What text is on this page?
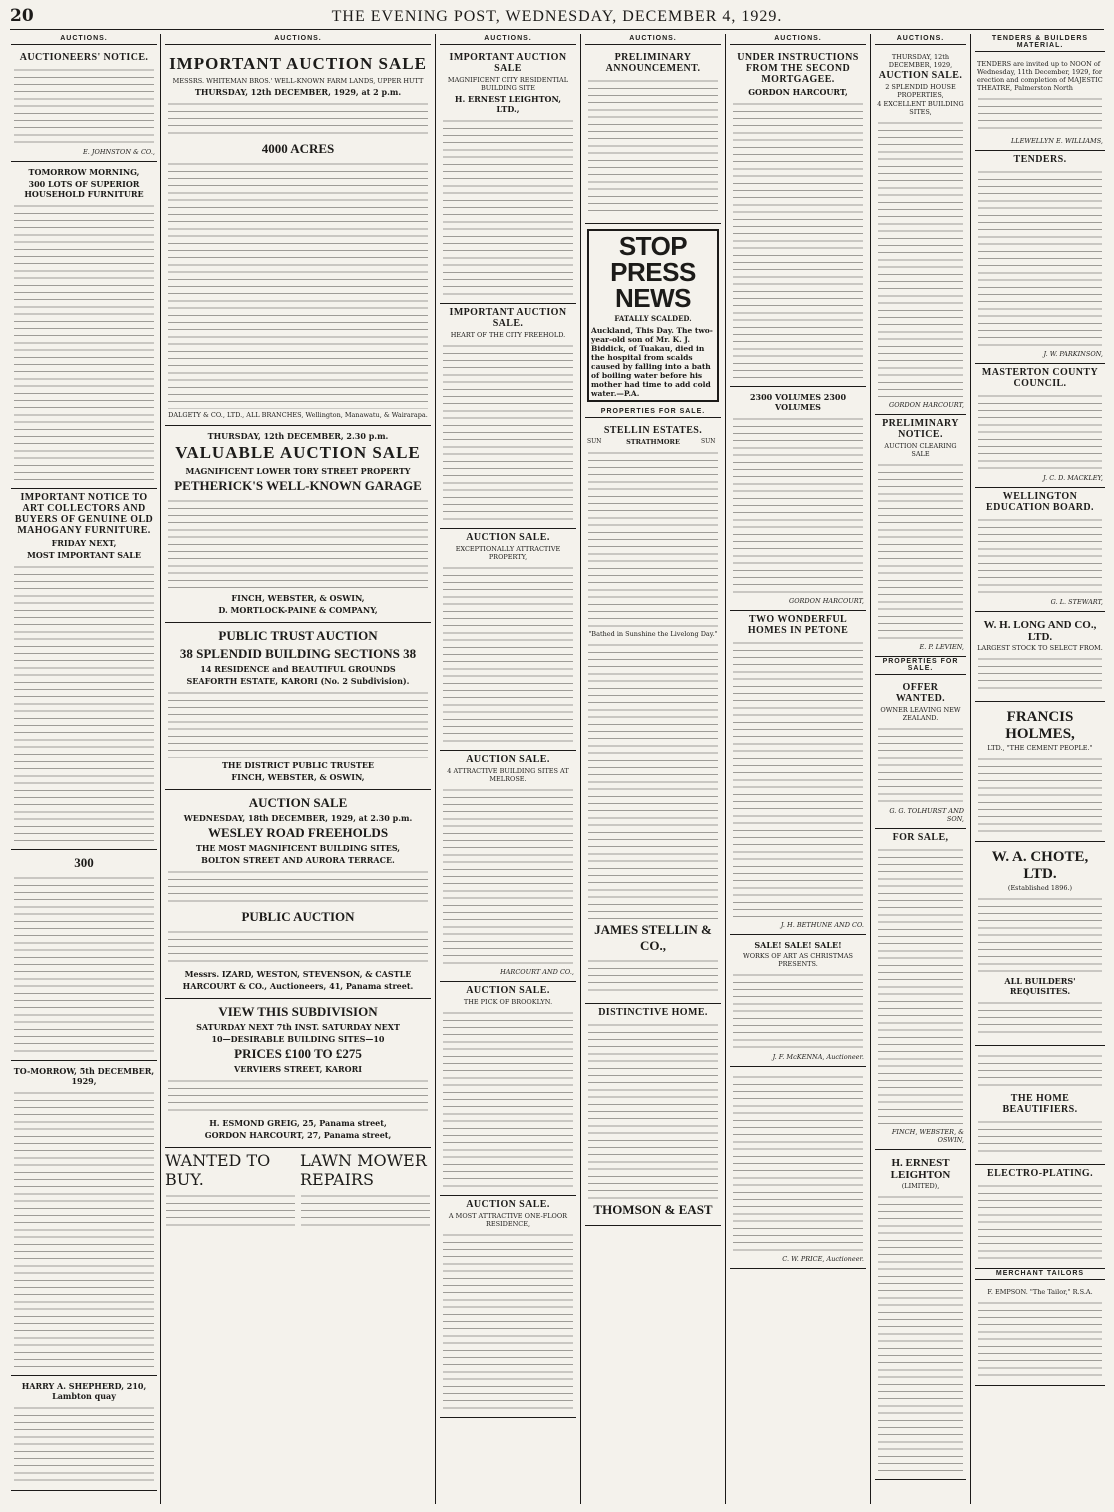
20	THE EVENING POST, WEDNESDAY, DECEMBER 4, 1929.
AUCTIONS.
AUCTIONEERS' NOTICE.
E. JOHNSTON & CO.,
TOMORROW MORNING,
300 LOTS OF SUPERIOR HOUSEHOLD FURNITURE
IMPORTANT NOTICE TO ART COLLECTORS AND BUYERS OF GENUINE OLD MAHOGANY FURNITURE.
FRIDAY NEXT,
MOST IMPORTANT SALE
300
TO-MORROW, 5th DECEMBER, 1929,
HARRY A. SHEPHERD, 210, Lambton quay
AUCTIONS.
IMPORTANT AUCTION SALE
MESSRS. WHITEMAN BROS.' WELL-KNOWN FARM LANDS, UPPER HUTT
THURSDAY, 12th DECEMBER, 1929, at 2 p.m.
4000 ACRES
DALGETY & CO., LTD., ALL BRANCHES, Wellington, Manawatu, & Wairarapa.
THURSDAY, 12th DECEMBER, 2.30 p.m.
VALUABLE AUCTION SALE
MAGNIFICENT LOWER TORY STREET PROPERTY
PETHERICK'S WELL-KNOWN GARAGE
FINCH, WEBSTER, & OSWIN,
D. MORTLOCK-PAINE & COMPANY,
PUBLIC TRUST AUCTION
38 SPLENDID BUILDING SECTIONS 38
14 RESIDENCE and BEAUTIFUL GROUNDS
SEAFORTH ESTATE, KARORI (No. 2 Subdivision).
THE DISTRICT PUBLIC TRUSTEE
FINCH, WEBSTER, & OSWIN,
AUCTION SALE
WEDNESDAY, 18th DECEMBER, 1929, at 2.30 p.m.
WESLEY ROAD FREEHOLDS
THE MOST MAGNIFICENT BUILDING SITES,
BOLTON STREET AND AURORA TERRACE.
PUBLIC AUCTION
Messrs. IZARD, WESTON, STEVENSON, & CASTLE
HARCOURT & CO., Auctioneers, 41, Panama street.
VIEW THIS SUBDIVISION
SATURDAY NEXT 7th INST. SATURDAY NEXT
10—DESIRABLE BUILDING SITES—10
PRICES £100 TO £275
VERVIERS STREET, KARORI
H. ESMOND GREIG, 25, Panama street,
GORDON HARCOURT, 27, Panama street,
WANTED TO BUY.
LAWN MOWER REPAIRS
AUCTIONS.
IMPORTANT AUCTION SALE
MAGNIFICENT CITY RESIDENTIAL BUILDING SITE
H. ERNEST LEIGHTON, LTD.,
IMPORTANT AUCTION SALE.
HEART OF THE CITY FREEHOLD.
AUCTION SALE.
EXCEPTIONALLY ATTRACTIVE PROPERTY,
AUCTION SALE.
4 ATTRACTIVE BUILDING SITES AT MELROSE.
HARCOURT AND CO.,
AUCTION SALE.
THE PICK OF BROOKLYN.
AUCTION SALE.
A MOST ATTRACTIVE ONE-FLOOR RESIDENCE,
AUCTIONS.
PRELIMINARY ANNOUNCEMENT.
STOP PRESS NEWS
FATALLY SCALDED.

Auckland, This Day. The two-year-old son of Mr. K. J. Biddick, of Tuakau, died in the hospital from scalds caused by falling into a bath of boiling water before his mother had time to add cold water.—P.A.

PROPERTIES FOR SALE.
STELLIN ESTATES.
SUN	STRATHMORE	SUN
"Bathed in Sunshine the Livelong Day."
JAMES STELLIN & CO.,
DISTINCTIVE HOME.
THOMSON & EAST
AUCTIONS.
UNDER INSTRUCTIONS FROM THE SECOND MORTGAGEE.
GORDON HARCOURT,
2300 VOLUMES 2300 VOLUMES
GORDON HARCOURT,
TWO WONDERFUL HOMES IN PETONE
J. H. BETHUNE AND CO.
SALE! SALE! SALE!
WORKS OF ART AS CHRISTMAS PRESENTS.
J. F. McKENNA, Auctioneer.
C. W. PRICE, Auctioneer.
AUCTIONS.
THURSDAY, 12th DECEMBER, 1929,
AUCTION SALE.
2 SPLENDID HOUSE PROPERTIES,
4 EXCELLENT BUILDING SITES,
GORDON HARCOURT,
PRELIMINARY NOTICE.
AUCTION CLEARING SALE
E. P. LEVIEN,
PROPERTIES FOR SALE.
OFFER WANTED.
OWNER LEAVING NEW ZEALAND.
G. G. TOLHURST AND SON,
FOR SALE,
FINCH, WEBSTER, & OSWIN,
H. ERNEST LEIGHTON
(LIMITED),
TENDERS & BUILDERS MATERIAL.
TENDERS are invited up to NOON of Wednesday, 11th December, 1929, for erection and completion of MAJESTIC THEATRE, Palmerston North
LLEWELLYN E. WILLIAMS,
TENDERS.
J. W. PARKINSON,
MASTERTON COUNTY COUNCIL.
J. C. D. MACKLEY,
WELLINGTON EDUCATION BOARD.
G. L. STEWART,
W. H. LONG AND CO., LTD.
LARGEST STOCK TO SELECT FROM.
FRANCIS HOLMES,
LTD., "THE CEMENT PEOPLE."
W. A. CHOTE, LTD.
(Established 1896.)
ALL BUILDERS' REQUISITES.
THE HOME BEAUTIFIERS.
ELECTRO-PLATING.
MERCHANT TAILORS
F. EMPSON. "The Tailor," R.S.A.
